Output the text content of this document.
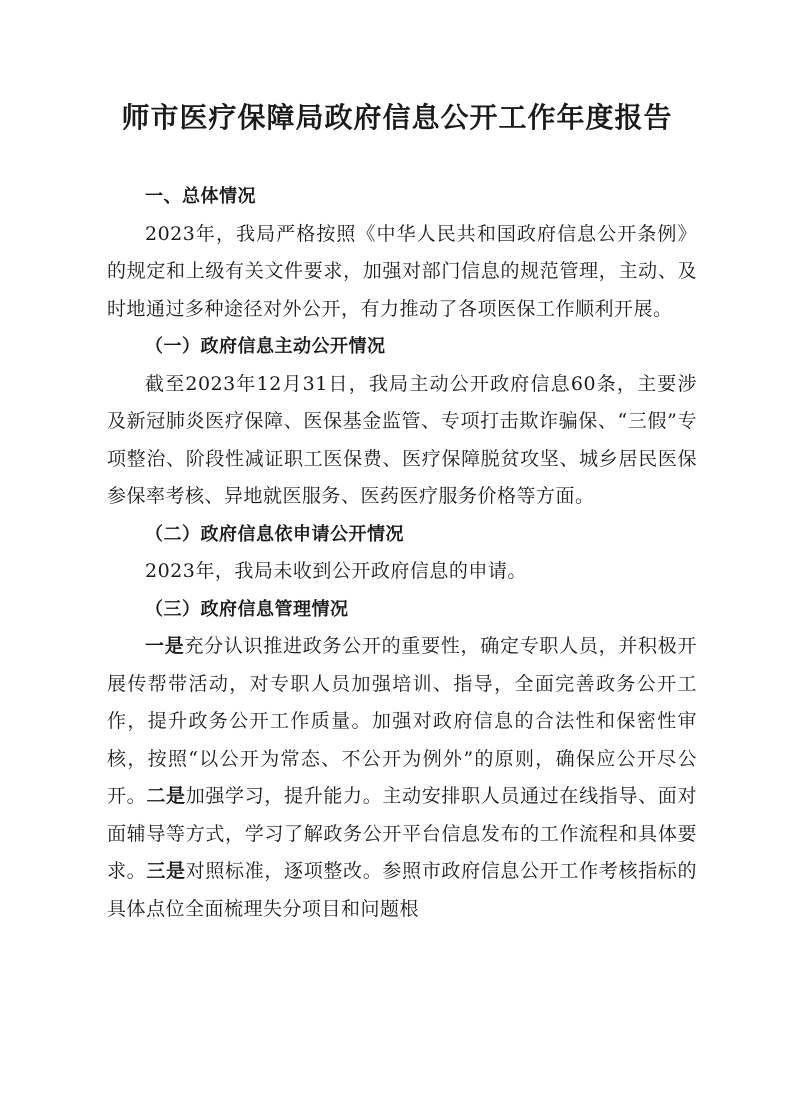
师市医疗保障局政府信息公开工作年度报告

一、总体情况

2023年，我局严格按照《中华人民共和国政府信息公开条例》的规定和上级有关文件要求，加强对部门信息的规范管理，主动、及时地通过多种途径对外公开，有力推动了各项医保工作顺利开展。

（一）政府信息主动公开情况

截至2023年12月31日，我局主动公开政府信息60条，主要涉及新冠肺炎医疗保障、医保基金监管、专项打击欺诈骗保、“三假”专项整治、阶段性减证职工医保费、医疗保障脱贫攻坚、城乡居民医保参保率考核、异地就医服务、医药医疗服务价格等方面。

（二）政府信息依申请公开情况

2023年，我局未收到公开政府信息的申请。

（三）政府信息管理情况

一是充分认识推进政务公开的重要性，确定专职人员，并积极开展传帮带活动，对专职人员加强培训、指导，全面完善政务公开工作，提升政务公开工作质量。加强对政府信息的合法性和保密性审核，按照“以公开为常态、不公开为例外”的原则，确保应公开尽公开。二是加强学习，提升能力。主动安排职人员通过在线指导、面对面辅导等方式，学习了解政务公开平台信息发布的工作流程和具体要求。三是对照标准，逐项整改。参照市政府信息公开工作考核指标的具体点位全面梳理失分项目和问题根
